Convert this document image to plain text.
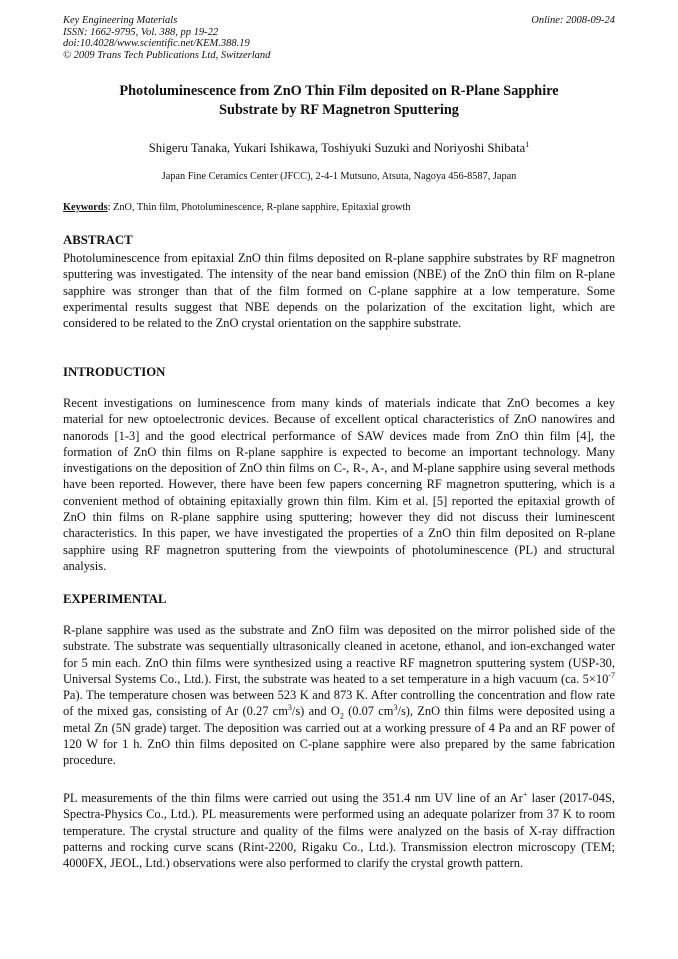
Key Engineering Materials
ISSN: 1662-9795, Vol. 388, pp 19-22
doi:10.4028/www.scientific.net/KEM.388.19
© 2009 Trans Tech Publications Ltd, Switzerland
Online: 2008-09-24
Photoluminescence from ZnO Thin Film deposited on R-Plane Sapphire
Substrate by RF Magnetron Sputtering
Shigeru Tanaka, Yukari Ishikawa, Toshiyuki Suzuki and Noriyoshi Shibata$^1$
Japan Fine Ceramics Center (JFCC), 2-4-1 Mutsuno, Atsuta, Nagoya 456-8587, Japan
Keywords: ZnO, Thin film, Photoluminescence, R-plane sapphire, Epitaxial growth
ABSTRACT
Photoluminescence from epitaxial ZnO thin films deposited on R-plane sapphire substrates by RF magnetron sputtering was investigated. The intensity of the near band emission (NBE) of the ZnO thin film on R-plane sapphire was stronger than that of the film formed on C-plane sapphire at a low temperature. Some experimental results suggest that NBE depends on the polarization of the excitation light, which are considered to be related to the ZnO crystal orientation on the sapphire substrate.
INTRODUCTION
Recent investigations on luminescence from many kinds of materials indicate that ZnO becomes a key material for new optoelectronic devices. Because of excellent optical characteristics of ZnO nanowires and nanorods [1-3] and the good electrical performance of SAW devices made from ZnO thin film [4], the formation of ZnO thin films on R-plane sapphire is expected to become an important technology. Many investigations on the deposition of ZnO thin films on C-, R-, A-, and M-plane sapphire using several methods have been reported. However, there have been few papers concerning RF magnetron sputtering, which is a convenient method of obtaining epitaxially grown thin film. Kim et al. [5] reported the epitaxial growth of ZnO thin films on R-plane sapphire using sputtering; however they did not discuss their luminescent characteristics. In this paper, we have investigated the properties of a ZnO thin film deposited on R-plane sapphire using RF magnetron sputtering from the viewpoints of photoluminescence (PL) and structural analysis.
EXPERIMENTAL
R-plane sapphire was used as the substrate and ZnO film was deposited on the mirror polished side of the substrate. The substrate was sequentially ultrasonically cleaned in acetone, ethanol, and ion-exchanged water for 5 min each. ZnO thin films were synthesized using a reactive RF magnetron sputtering system (USP-30, Universal Systems Co., Ltd.). First, the substrate was heated to a set temperature in a high vacuum (ca. $5\times 10^{-7}$ Pa). The temperature chosen was between 523 K and 873 K. After controlling the concentration and flow rate of the mixed gas, consisting of Ar (0.27 $cm^3/s$) and $O_2$ (0.07 $cm^3/s$), ZnO thin films were deposited using a metal Zn (5N grade) target. The deposition was carried out at a working pressure of 4 Pa and an RF power of 120 W for 1 h. ZnO thin films deposited on C-plane sapphire were also prepared by the same fabrication procedure.
PL measurements of the thin films were carried out using the 351.4 nm UV line of an Ar+ laser (2017-04S, Spectra-Physics Co., Ltd.). PL measurements were performed using an adequate polarizer from 37 K to room temperature. The crystal structure and quality of the films were analyzed on the basis of X-ray diffraction patterns and rocking curve scans (Rint-2200, Rigaku Co., Ltd.). Transmission electron microscopy (TEM; 4000FX, JEOL, Ltd.) observations were also performed to clarify the crystal growth pattern.
